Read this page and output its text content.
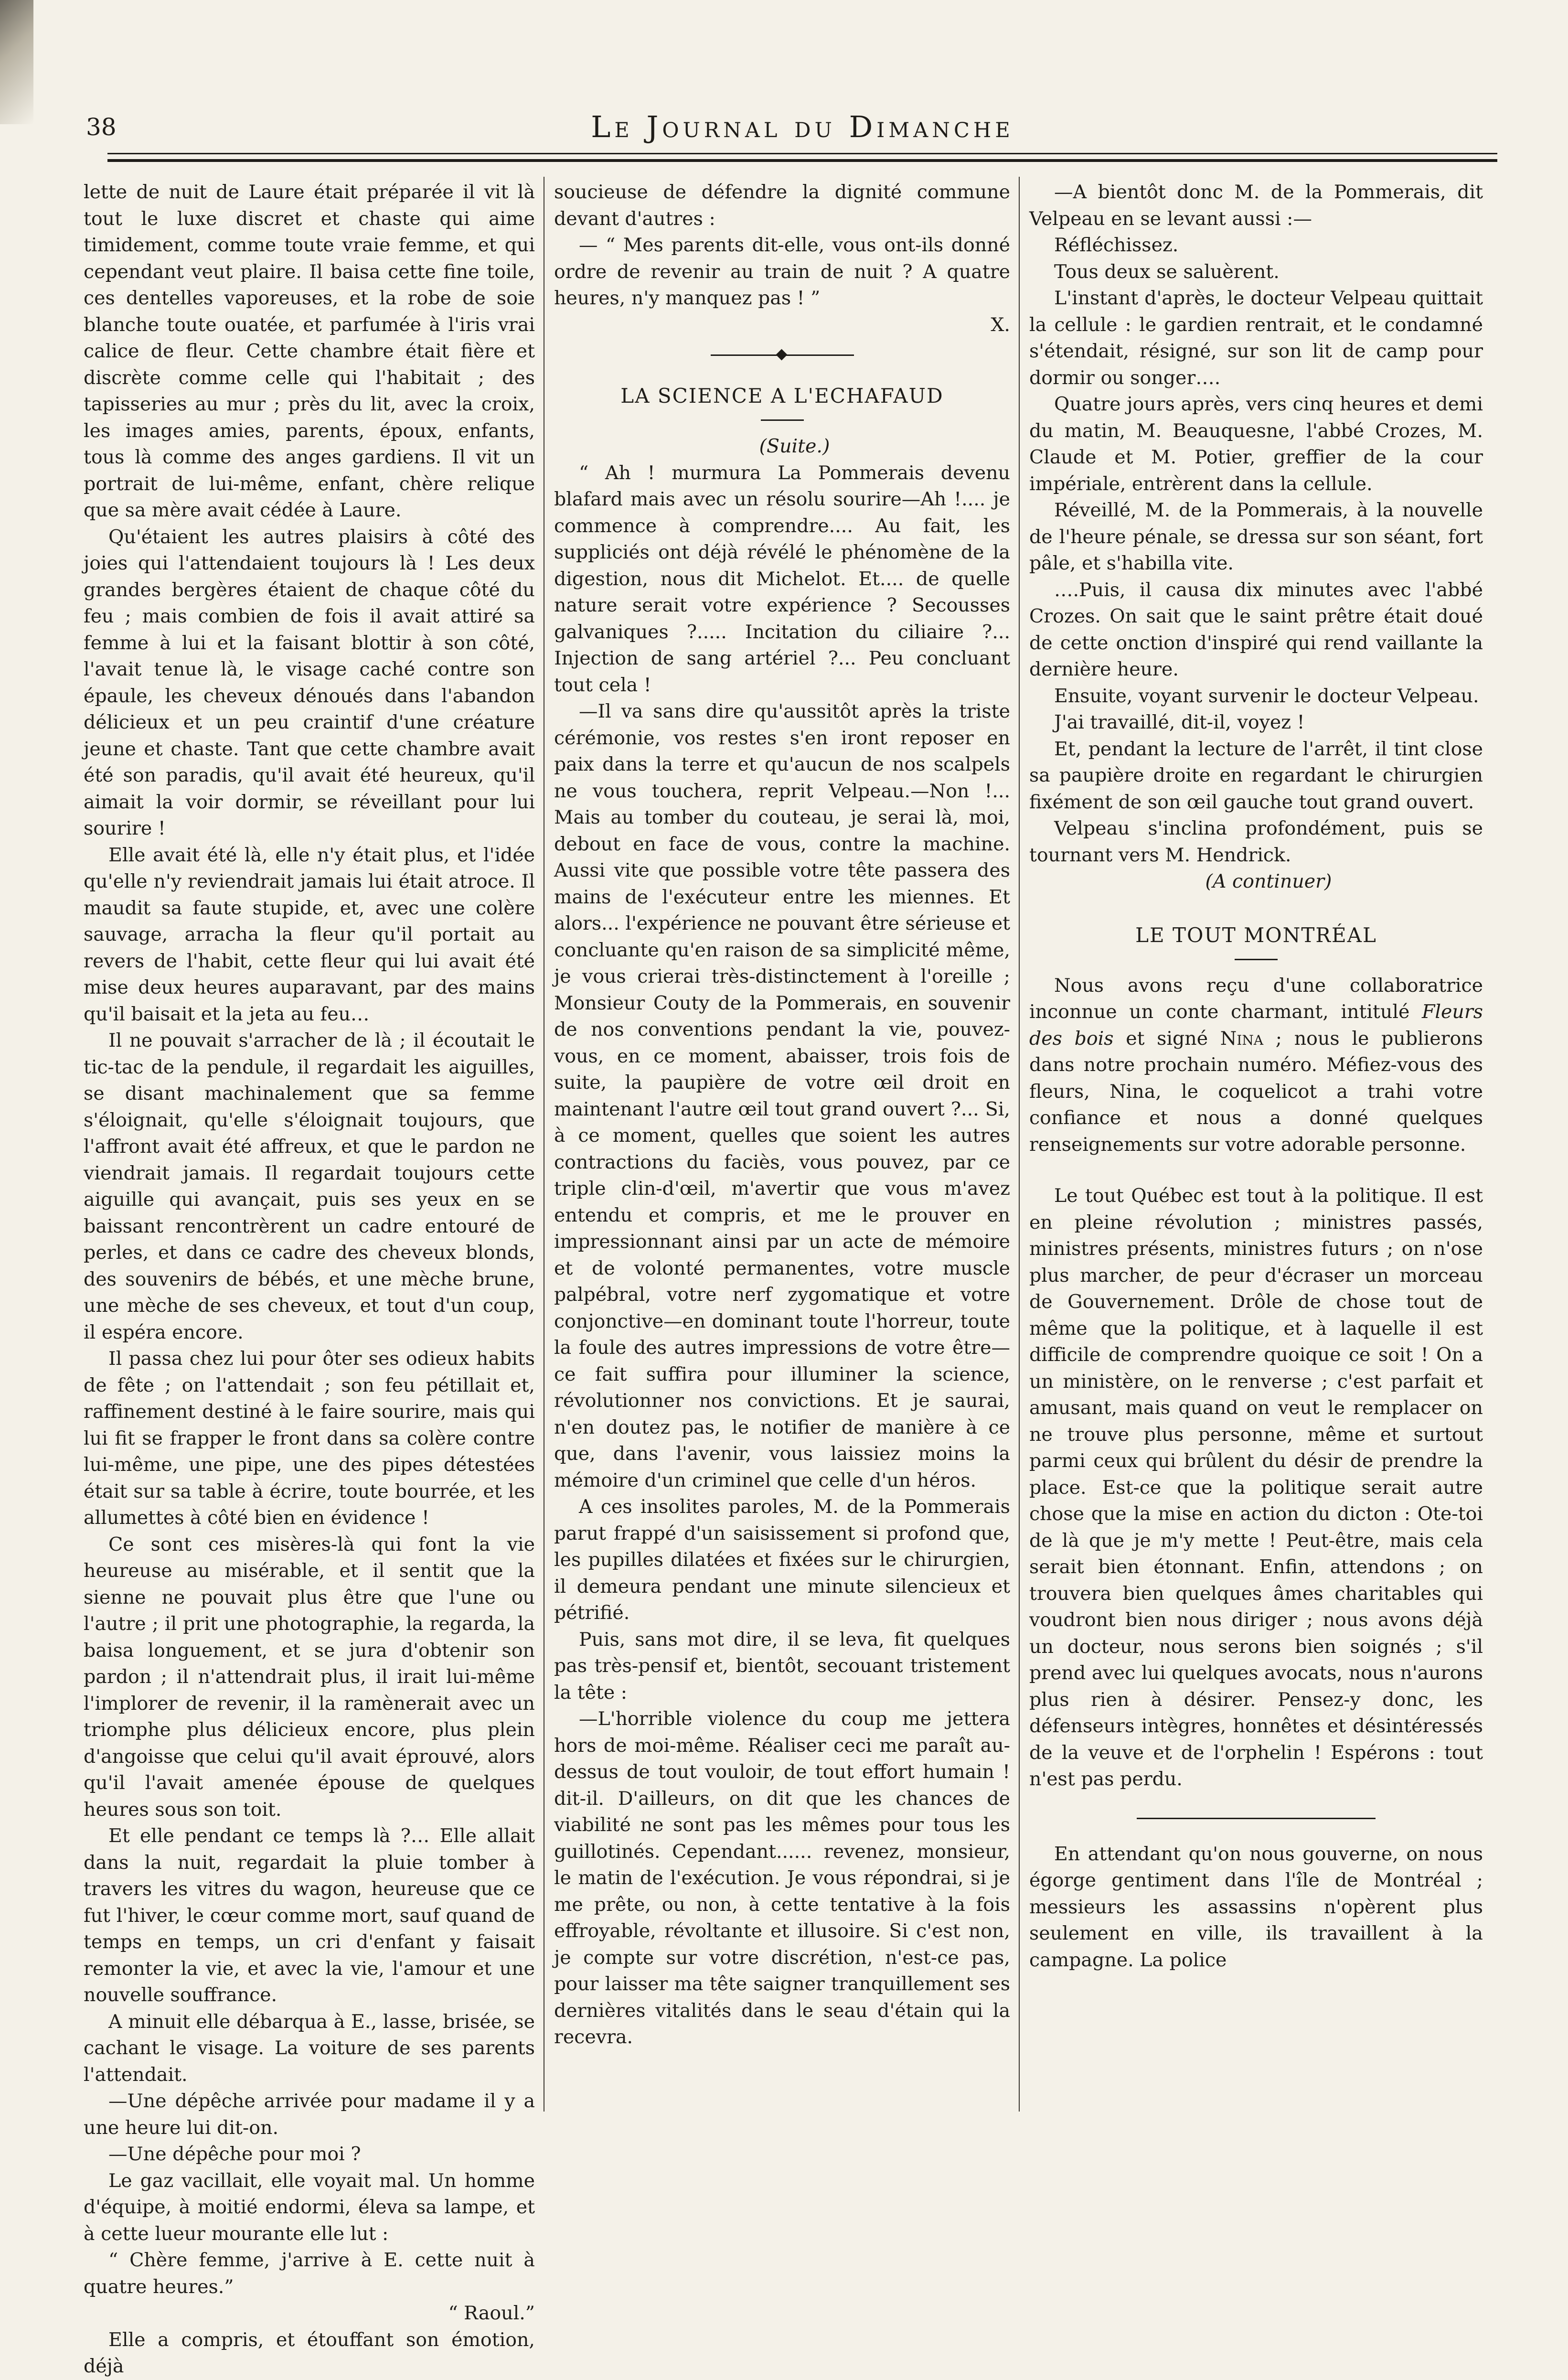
38	Le Journal du Dimanche

lette de nuit de Laure était préparée il vit là tout le luxe discret et chaste qui aime timidement, comme toute vraie femme, et qui cependant veut plaire. Il baisa cette fine toile, ces dentelles vaporeuses, et la robe de soie blanche toute ouatée, et parfumée à l'iris vrai calice de fleur. Cette chambre était fière et discrète comme celle qui l'habitait ; des tapisseries au mur ; près du lit, avec la croix, les images amies, parents, époux, enfants, tous là comme des anges gardiens. Il vit un portrait de lui-même, enfant, chère relique que sa mère avait cédée à Laure.

Qu'étaient les autres plaisirs à côté des joies qui l'attendaient toujours là ! Les deux grandes bergères étaient de chaque côté du feu ; mais combien de fois il avait attiré sa femme à lui et la faisant blottir à son côté, l'avait tenue là, le visage caché contre son épaule, les cheveux dénoués dans l'abandon délicieux et un peu craintif d'une créature jeune et chaste. Tant que cette chambre avait été son paradis, qu'il avait été heureux, qu'il aimait la voir dormir, se réveillant pour lui sourire !

Elle avait été là, elle n'y était plus, et l'idée qu'elle n'y reviendrait jamais lui était atroce. Il maudit sa faute stupide, et, avec une colère sauvage, arracha la fleur qu'il portait au revers de l'habit, cette fleur qui lui avait été mise deux heures auparavant, par des mains qu'il baisait et la jeta au feu…

Il ne pouvait s'arracher de là ; il écoutait le tic-tac de la pendule, il regardait les aiguilles, se disant machinalement que sa femme s'éloignait, qu'elle s'éloignait toujours, que l'affront avait été affreux, et que le pardon ne viendrait jamais. Il regardait toujours cette aiguille qui avançait, puis ses yeux en se baissant rencontrèrent un cadre entouré de perles, et dans ce cadre des cheveux blonds, des souvenirs de bébés, et une mèche brune, une mèche de ses cheveux, et tout d'un coup, il espéra encore.

Il passa chez lui pour ôter ses odieux habits de fête ; on l'attendait ; son feu pétillait et, raffinement destiné à le faire sourire, mais qui lui fit se frapper le front dans sa colère contre lui-même, une pipe, une des pipes détestées était sur sa table à écrire, toute bourrée, et les allumettes à côté bien en évidence !

Ce sont ces misères-là qui font la vie heureuse au misérable, et il sentit que la sienne ne pouvait plus être que l'une ou l'autre ; il prit une photographie, la regarda, la baisa longuement, et se jura d'obtenir son pardon ; il n'attendrait plus, il irait lui-même l'implorer de revenir, il la ramènerait avec un triomphe plus délicieux encore, plus plein d'angoisse que celui qu'il avait éprouvé, alors qu'il l'avait amenée épouse de quelques heures sous son toit.

Et elle pendant ce temps là ?… Elle allait dans la nuit, regardait la pluie tomber à travers les vitres du wagon, heureuse que ce fut l'hiver, le cœur comme mort, sauf quand de temps en temps, un cri d'enfant y faisait remonter la vie, et avec la vie, l'amour et une nouvelle souffrance.

A minuit elle débarqua à E., lasse, brisée, se cachant le visage. La voiture de ses parents l'attendait.

—Une dépêche arrivée pour madame il y a une heure lui dit-on.

—Une dépêche pour moi ?

Le gaz vacillait, elle voyait mal. Un homme d'équipe, à moitié endormi, éleva sa lampe, et à cette lueur mourante elle lut :

“ Chère femme, j'arrive à E. cette nuit à quatre heures.”

“ Raoul.”

Elle a compris, et étouffant son émotion, déjà

soucieuse de défendre la dignité commune devant d'autres :

— “ Mes parents dit-elle, vous ont-ils donné ordre de revenir au train de nuit ? A quatre heures, n'y manquez pas ! ”

X.

LA SCIENCE A L'ECHAFAUD

(Suite.)

“ Ah ! murmura La Pommerais devenu blafard mais avec un résolu sourire—Ah !.... je commence à comprendre.... Au fait, les suppliciés ont déjà révélé le phénomène de la digestion, nous dit Michelot. Et.... de quelle nature serait votre expérience ? Secousses galvaniques ?..... Incitation du ciliaire ?... Injection de sang artériel ?... Peu concluant tout cela !

—Il va sans dire qu'aussitôt après la triste cérémonie, vos restes s'en iront reposer en paix dans la terre et qu'aucun de nos scalpels ne vous touchera, reprit Velpeau.—Non !... Mais au tomber du couteau, je serai là, moi, debout en face de vous, contre la machine. Aussi vite que possible votre tête passera des mains de l'exécuteur entre les miennes. Et alors... l'expérience ne pouvant être sérieuse et concluante qu'en raison de sa simplicité même, je vous crierai très-distinctement à l'oreille ; Monsieur Couty de la Pommerais, en souvenir de nos conventions pendant la vie, pouvez-vous, en ce moment, abaisser, trois fois de suite, la paupière de votre œil droit en maintenant l'autre œil tout grand ouvert ?... Si, à ce moment, quelles que soient les autres contractions du faciès, vous pouvez, par ce triple clin-d'œil, m'avertir que vous m'avez entendu et compris, et me le prouver en impressionnant ainsi par un acte de mémoire et de volonté permanentes, votre muscle palpébral, votre nerf zygomatique et votre conjonctive—en dominant toute l'horreur, toute la foule des autres impressions de votre être—ce fait suffira pour illuminer la science, révolutionner nos convictions. Et je saurai, n'en doutez pas, le notifier de manière à ce que, dans l'avenir, vous laissiez moins la mémoire d'un criminel que celle d'un héros.

A ces insolites paroles, M. de la Pommerais parut frappé d'un saisissement si profond que, les pupilles dilatées et fixées sur le chirurgien, il demeura pendant une minute silencieux et pétrifié.

Puis, sans mot dire, il se leva, fit quelques pas très-pensif et, bientôt, secouant tristement la tête :

—L'horrible violence du coup me jettera hors de moi-même. Réaliser ceci me paraît au-dessus de tout vouloir, de tout effort humain ! dit-il. D'ailleurs, on dit que les chances de viabilité ne sont pas les mêmes pour tous les guillotinés. Cependant...... revenez, monsieur, le matin de l'exécution. Je vous répondrai, si je me prête, ou non, à cette tentative à la fois effroyable, révoltante et illusoire. Si c'est non, je compte sur votre discrétion, n'est-ce pas, pour laisser ma tête saigner tranquillement ses dernières vitalités dans le seau d'étain qui la recevra.

—A bientôt donc M. de la Pommerais, dit Velpeau en se levant aussi :—

Réfléchissez.

Tous deux se saluèrent.

L'instant d'après, le docteur Velpeau quittait la cellule : le gardien rentrait, et le condamné s'étendait, résigné, sur son lit de camp pour dormir ou songer….

Quatre jours après, vers cinq heures et demi du matin, M. Beauquesne, l'abbé Crozes, M. Claude et M. Potier, greffier de la cour impériale, entrèrent dans la cellule.

Réveillé, M. de la Pommerais, à la nouvelle de l'heure pénale, se dressa sur son séant, fort pâle, et s'habilla vite.

….Puis, il causa dix minutes avec l'abbé Crozes. On sait que le saint prêtre était doué de cette onction d'inspiré qui rend vaillante la dernière heure.

Ensuite, voyant survenir le docteur Velpeau.

J'ai travaillé, dit-il, voyez !

Et, pendant la lecture de l'arrêt, il tint close sa paupière droite en regardant le chirurgien fixément de son œil gauche tout grand ouvert.

Velpeau s'inclina profondément, puis se tournant vers M. Hendrick.

(A continuer)

LE TOUT MONTRÉAL

Nous avons reçu d'une collaboratrice inconnue un conte charmant, intitulé Fleurs des bois et signé Nina ; nous le publierons dans notre prochain numéro. Méfiez-vous des fleurs, Nina, le coquelicot a trahi votre confiance et nous a donné quelques renseignements sur votre adorable personne.

Le tout Québec est tout à la politique. Il est en pleine révolution ; ministres passés, ministres présents, ministres futurs ; on n'ose plus marcher, de peur d'écraser un morceau de Gouvernement. Drôle de chose tout de même que la politique, et à laquelle il est difficile de comprendre quoique ce soit ! On a un ministère, on le renverse ; c'est parfait et amusant, mais quand on veut le remplacer on ne trouve plus personne, même et surtout parmi ceux qui brûlent du désir de prendre la place. Est-ce que la politique serait autre chose que la mise en action du dicton : Ote-toi de là que je m'y mette ! Peut-être, mais cela serait bien étonnant. Enfin, attendons ; on trouvera bien quelques âmes charitables qui voudront bien nous diriger ; nous avons déjà un docteur, nous serons bien soignés ; s'il prend avec lui quelques avocats, nous n'aurons plus rien à désirer. Pensez-y donc, les défenseurs intègres, honnêtes et désintéressés de la veuve et de l'orphelin ! Espérons : tout n'est pas perdu.

En attendant qu'on nous gouverne, on nous égorge gentiment dans l'île de Montréal ; messieurs les assassins n'opèrent plus seulement en ville, ils travaillent à la campagne. La police
